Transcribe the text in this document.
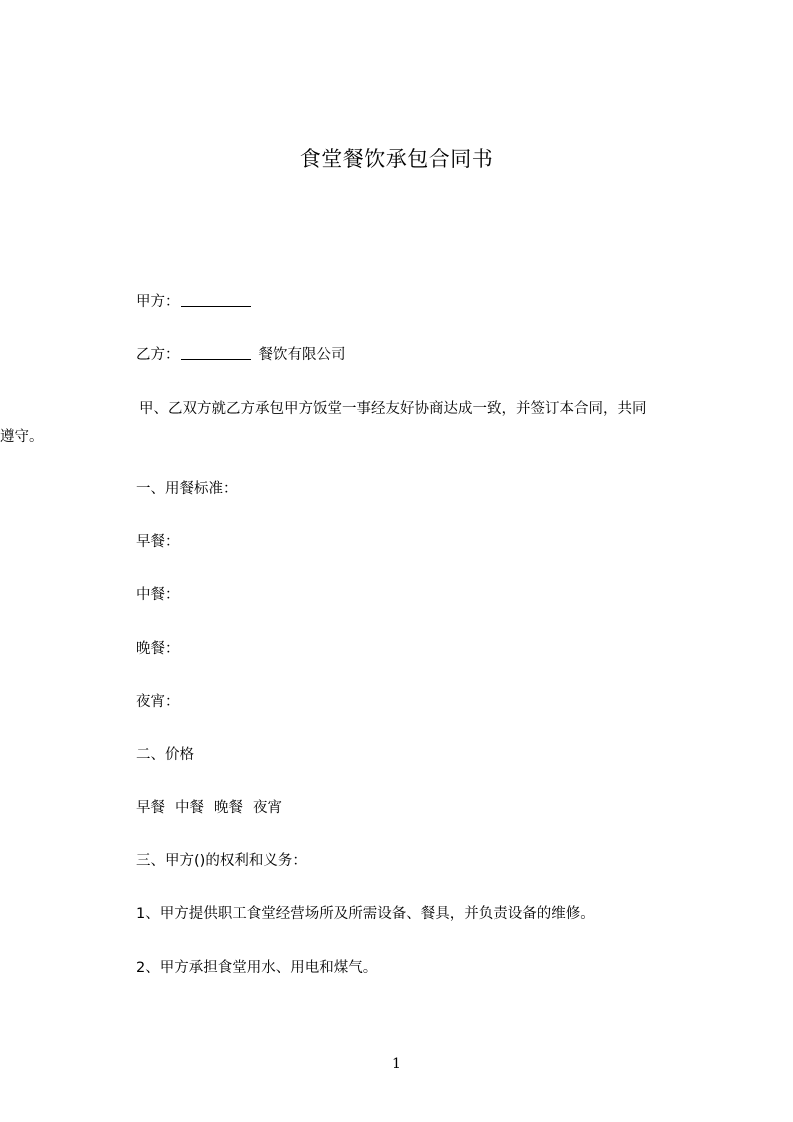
食堂餐饮承包合同书
甲方：
乙方：	餐饮有限公司
甲、乙双方就乙方承包甲方饭堂一事经友好协商达成一致，并签订本合同，共同
遵守。
一、用餐标准：
早餐：
中餐：
晚餐：
夜宵：
二、价格
早餐 中餐 晚餐 夜宵
三、甲方()的权利和义务：
1、甲方提供职工食堂经营场所及所需设备、餐具，并负责设备的维修。
2、甲方承担食堂用水、用电和煤气。
1
